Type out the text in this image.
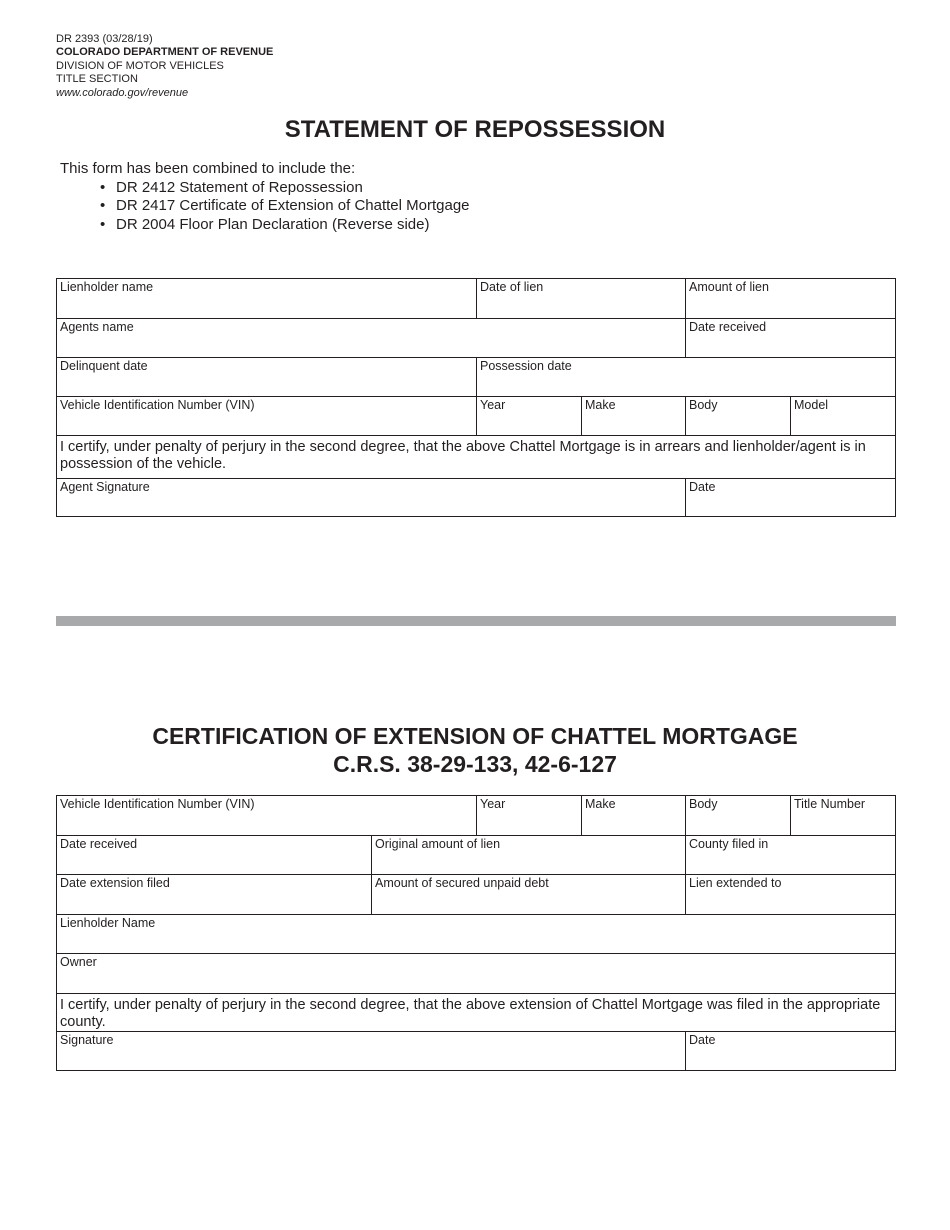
DR 2393 (03/28/19)
COLORADO DEPARTMENT OF REVENUE
DIVISION OF MOTOR VEHICLES
TITLE SECTION
www.colorado.gov/revenue
STATEMENT OF REPOSSESSION
This form has been combined to include the:
• DR 2412 Statement of Repossession
• DR 2417 Certificate of Extension of Chattel Mortgage
• DR 2004 Floor Plan Declaration (Reverse side)
Lienholder name	Date of lien	Amount of lien
Agents name	Date received
Delinquent date	Possession date
Vehicle Identification Number (VIN)	Year	Make	Body	Model
I certify, under penalty of perjury in the second degree, that the above Chattel Mortgage is in arrears and lienholder/agent is in possession of the vehicle.
Agent Signature	Date
CERTIFICATION OF EXTENSION OF CHATTEL MORTGAGE
C.R.S. 38-29-133, 42-6-127
Vehicle Identification Number (VIN)	Year	Make	Body	Title Number
Date received	Original amount of lien	County filed in
Date extension filed	Amount of secured unpaid debt	Lien extended to
Lienholder Name
Owner
I certify, under penalty of perjury in the second degree, that the above extension of Chattel Mortgage was filed in the appropriate county.
Signature	Date
